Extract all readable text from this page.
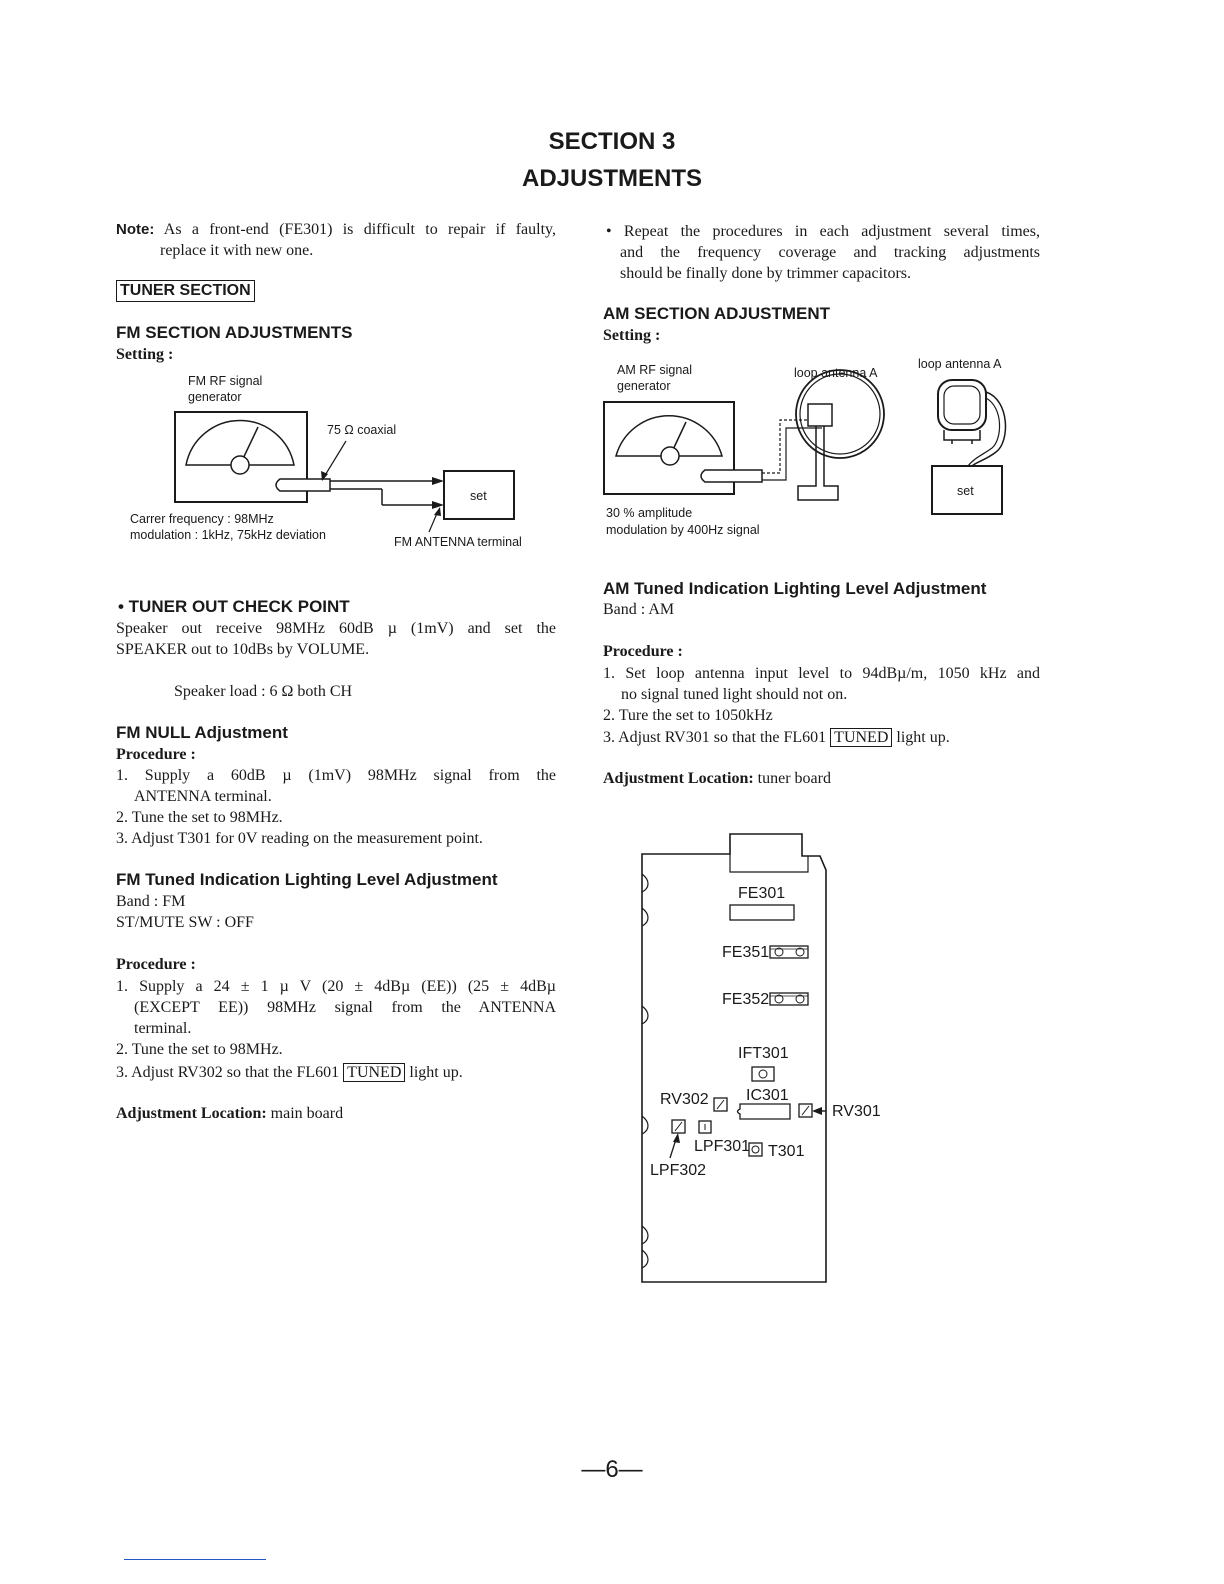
SECTION 3
ADJUSTMENTS
Note: As a front-end (FE301) is difficult to repair if faulty,
replace it with new one.
TUNER SECTION
FM SECTION ADJUSTMENTS
Setting :
FM RF signal
generator
75 Ω coaxial
set
Carrer frequency : 98MHz
modulation : 1kHz, 75kHz deviation	FM ANTENNA terminal
• TUNER OUT CHECK POINT
Speaker out receive 98MHz 60dB µ (1mV) and set the
SPEAKER out to 10dBs by VOLUME.
Speaker load : 6 Ω both CH
FM NULL Adjustment
Procedure :
1. Supply a 60dB µ (1mV) 98MHz signal from the
ANTENNA terminal.
2. Tune the set to 98MHz.
3. Adjust T301 for 0V reading on the measurement point.
FM Tuned Indication Lighting Level Adjustment
Band : FM
ST/MUTE SW : OFF
Procedure :
1. Supply a 24 ± 1 µ V (20 ± 4dBµ (EE)) (25 ± 4dBµ
(EXCEPT EE)) 98MHz signal from the ANTENNA
terminal.
2. Tune the set to 98MHz.
3. Adjust RV302 so that the FL601 TUNED light up.
Adjustment Location: main board
• Repeat the procedures in each adjustment several times,
and the frequency coverage and tracking adjustments
should be finally done by trimmer capacitors.
AM SECTION ADJUSTMENT
Setting :
AM RF signal
generator
loop antenna A
loop antenna A
set
30 % amplitude
modulation by 400Hz signal
AM Tuned Indication Lighting Level Adjustment
Band : AM
Procedure :
1. Set loop antenna input level to 94dBµ/m, 1050 kHz and
no signal tuned light should not on.
2. Ture the set to 1050kHz
3. Adjust RV301 so that the FL601 TUNED light up.
Adjustment Location: tuner board
FE301
FE351
FE352
IFT301
RV302 IC301
RV301
LPF301 T301
LPF302
—6—
